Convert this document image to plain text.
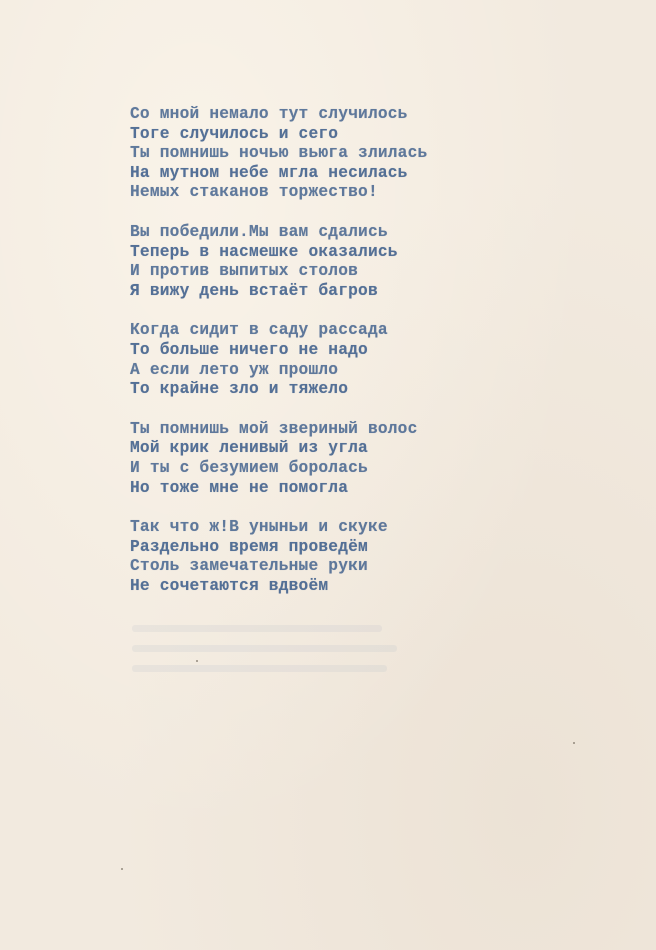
Со мной немало тут случилось
Тоге случилось и сего
Ты помнишь ночью вьюга злилась
На мутном небе мгла несилась
Немых стаканов торжество!
Вы победили.Мы вам сдались
Теперь в насмешке оказались
И против выпитых столов
Я вижу день встаёт багров
Когда сидит в саду рассада
То больше ничего не надо
А если лето уж прошло
То крайне зло и тяжело
Ты помнишь мой звериный волос
Мой крик ленивый из угла
И ты с безумием боролась
Но тоже мне не помогла
Так что ж!В уныньи и скуке
Раздельно время проведём
Столь замечательные руки
Не сочетаются вдвоём
